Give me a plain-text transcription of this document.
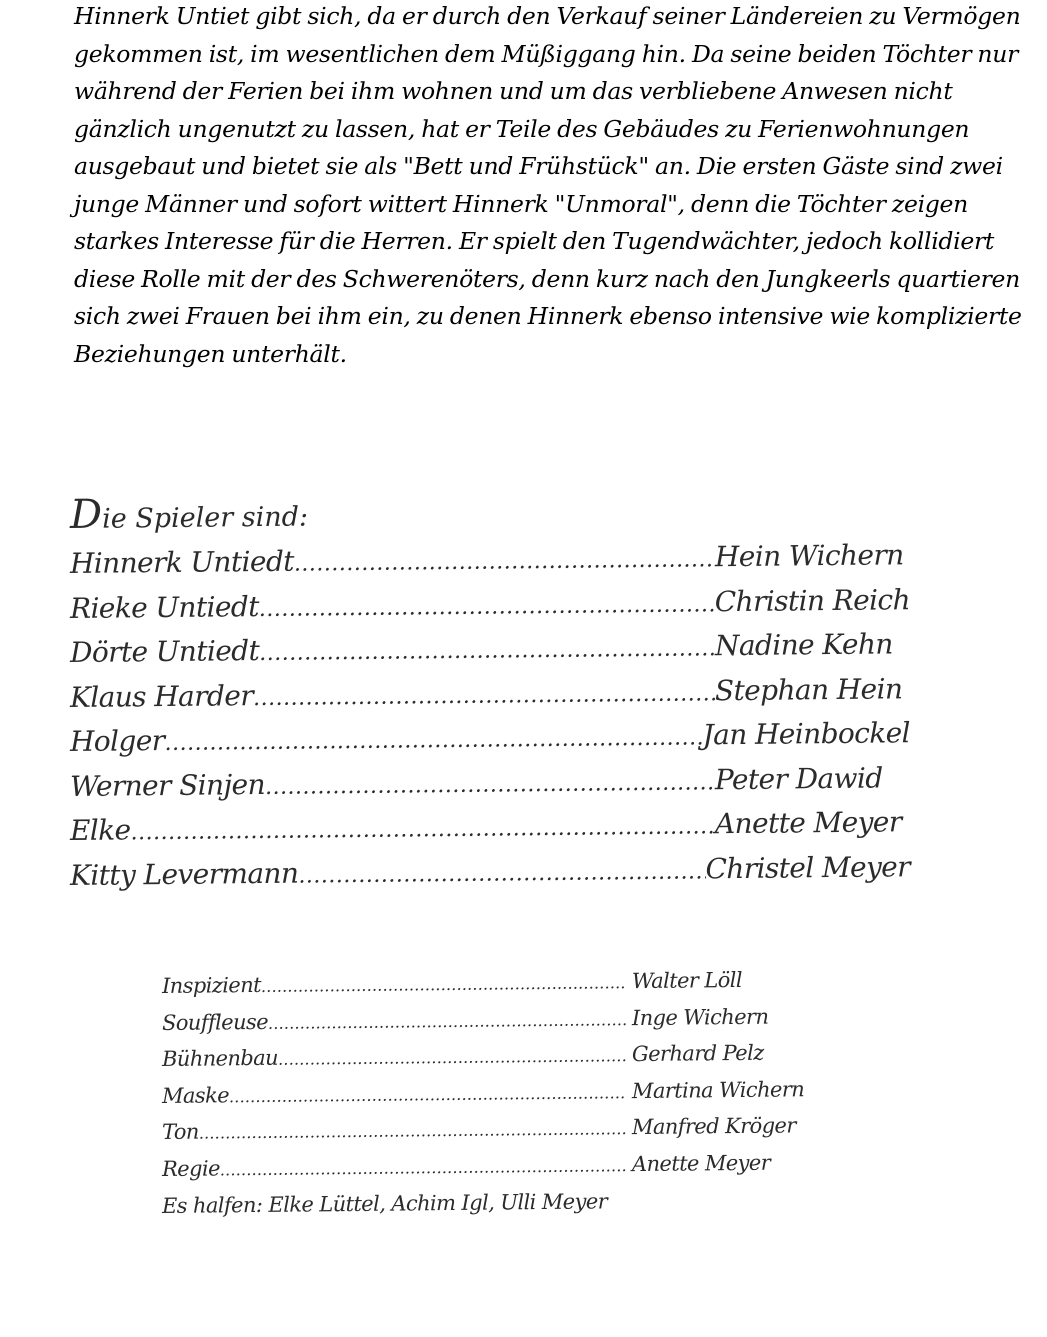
Hinnerk Untiet gibt sich, da er durch den Verkauf seiner Ländereien zu Vermögen gekommen ist, im wesentlichen dem Müßiggang hin. Da seine beiden Töchter nur während der Ferien bei ihm wohnen und um das verbliebene Anwesen nicht gänzlich ungenutzt zu lassen, hat er Teile des Gebäudes zu Ferienwohnungen ausgebaut und bietet sie als "Bett und Frühstück" an. Die ersten Gäste sind zwei junge Männer und sofort wittert Hinnerk "Unmoral", denn die Töchter zeigen starkes Interesse für die Herren. Er spielt den Tugendwächter, jedoch kollidiert diese Rolle mit der des Schwerenöters, denn kurz nach den Jungkeerls quartieren sich zwei Frauen bei ihm ein, zu denen Hinnerk ebenso intensive wie komplizierte Beziehungen unterhält.

Die Spieler sind:
Hinnerk Untiedt .....	Hein Wichern
Rieke Untiedt .....	Christin Reich
Dörte Untiedt .....	Nadine Kehn
Klaus Harder .....	Stephan Hein
Holger .....	Jan Heinbockel
Werner Sinjen .....	Peter Dawid
Elke .....	Anette Meyer
Kitty Levermann .....	Christel Meyer
Inspizient .....	Walter Löll
Souffleuse .....	Inge Wichern
Bühnenbau .....	Gerhard Pelz
Maske .....	Martina Wichern
Ton .....	Manfred Kröger
Regie .....	Anette Meyer
Es halfen: Elke Lüttel, Achim Igl, Ulli Meyer
